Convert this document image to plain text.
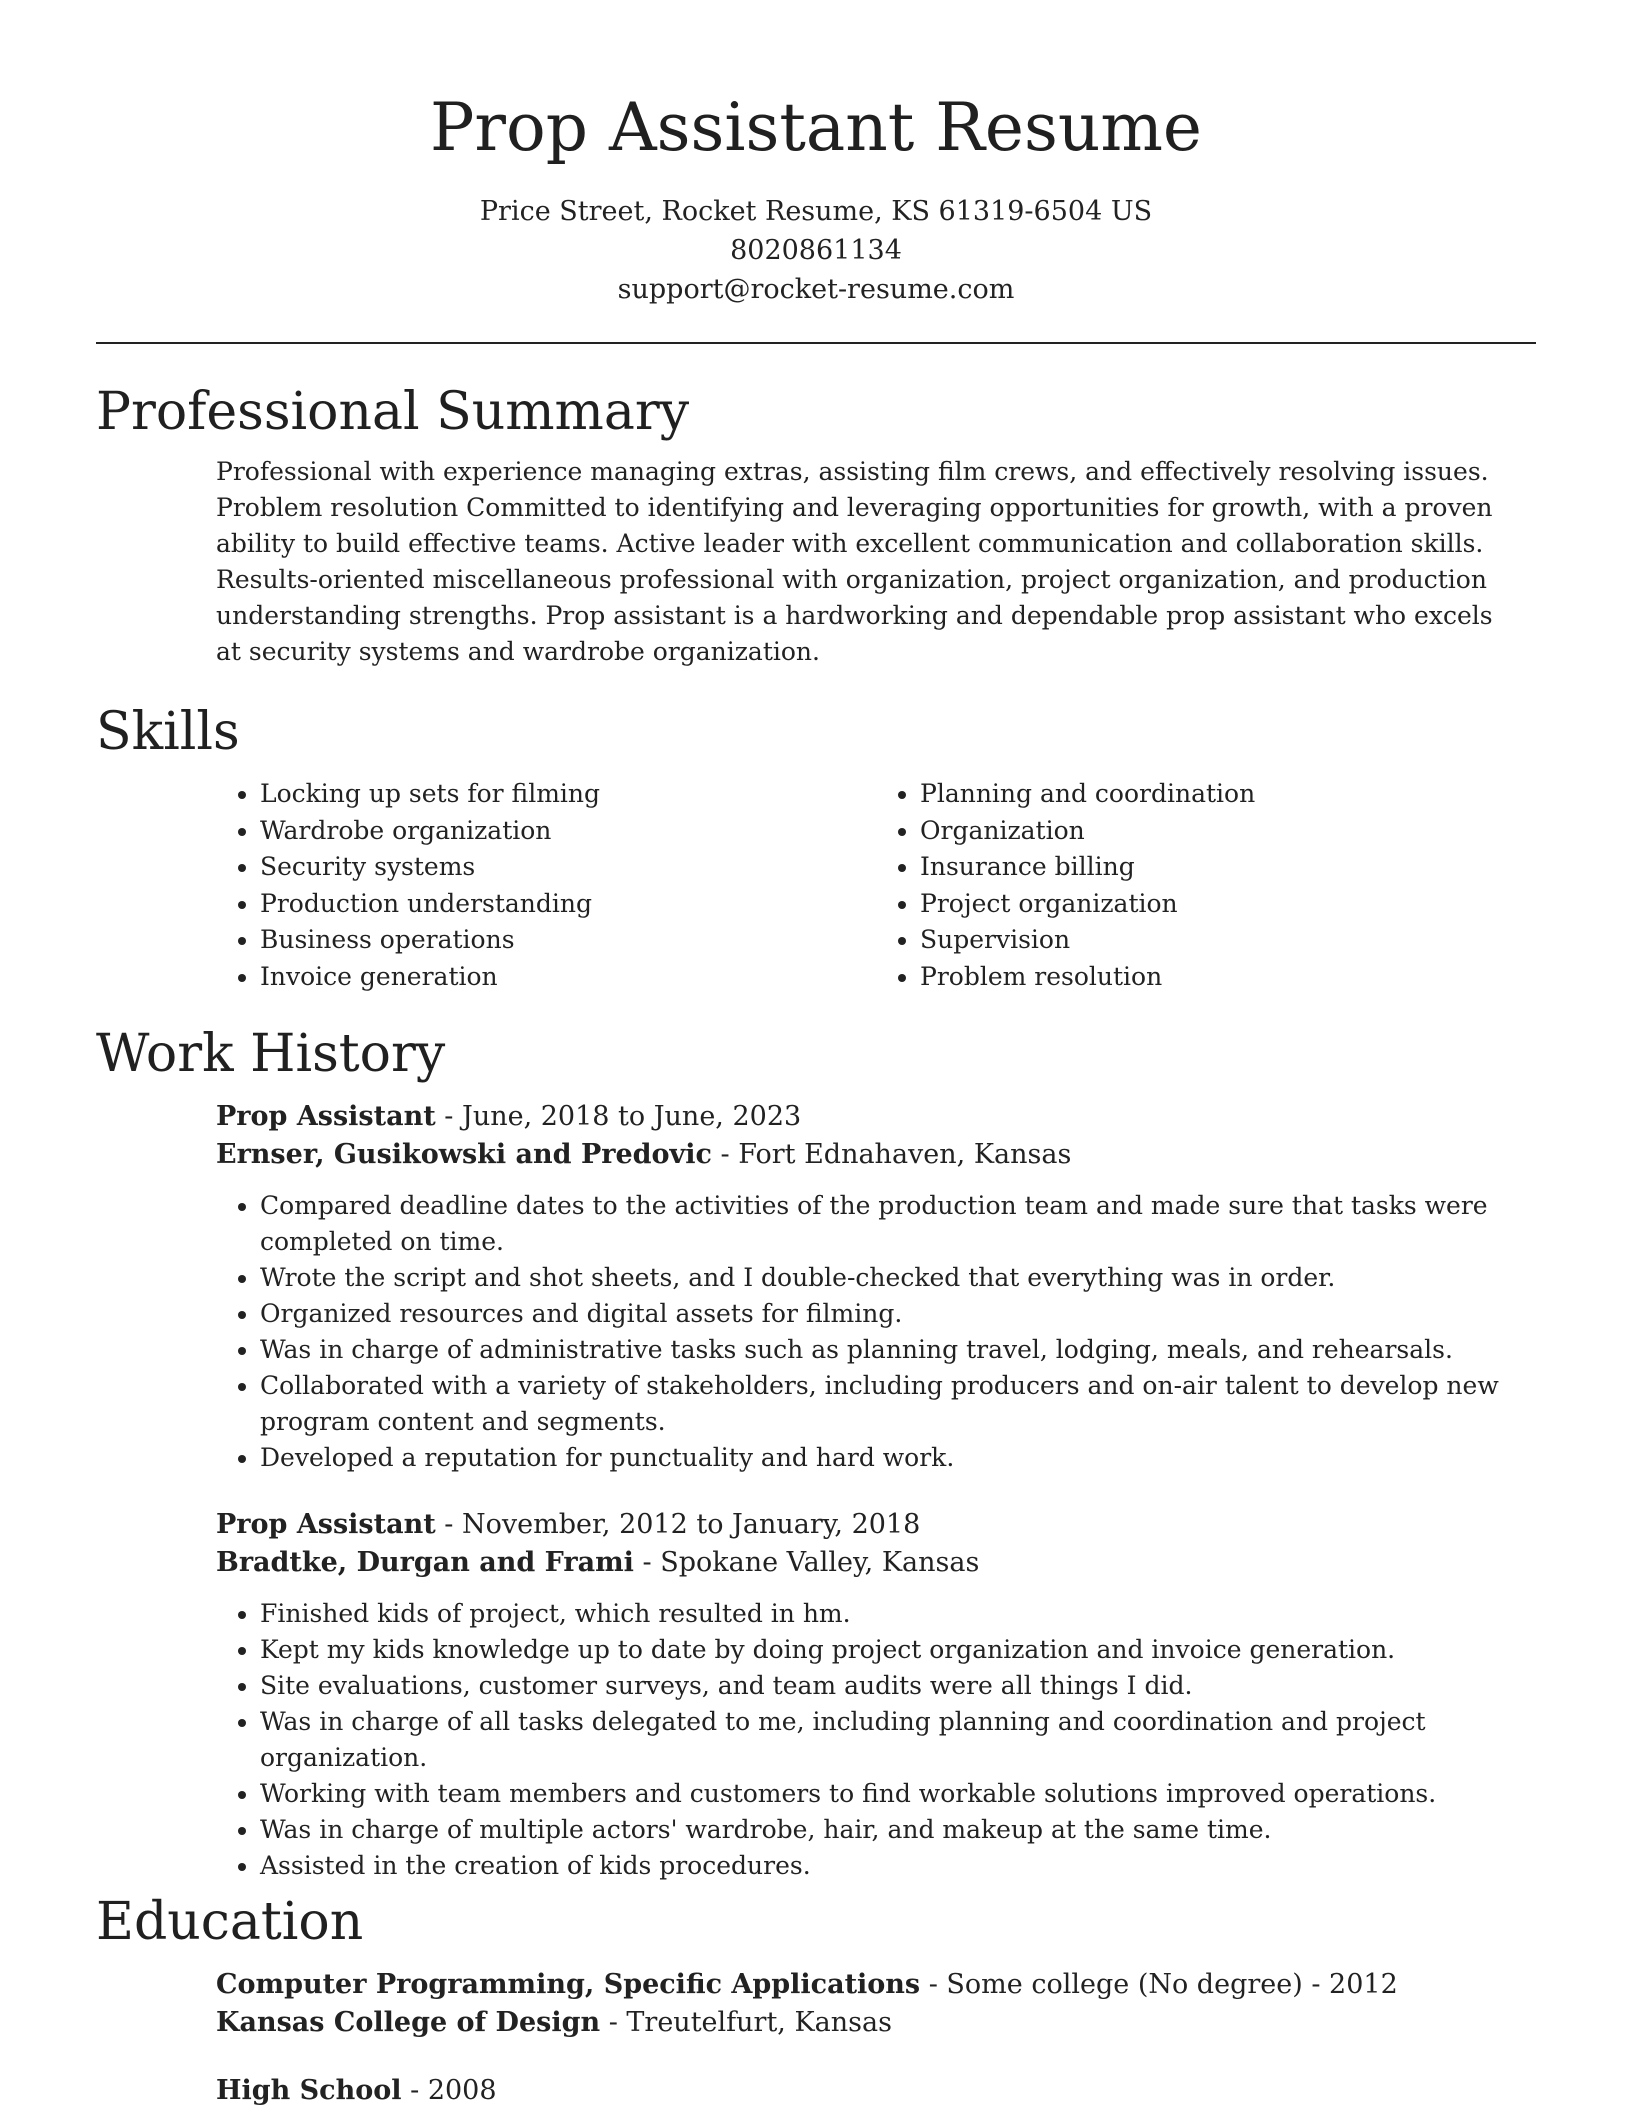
Prop Assistant Resume
Price Street, Rocket Resume, KS 61319-6504 US
8020861134
support@rocket-resume.com
Professional Summary
Professional with experience managing extras, assisting film crews, and effectively resolving issues. Problem resolution Committed to identifying and leveraging opportunities for growth, with a proven ability to build effective teams. Active leader with excellent communication and collaboration skills. Results-oriented miscellaneous professional with organization, project organization, and production understanding strengths. Prop assistant is a hardworking and dependable prop assistant who excels at security systems and wardrobe organization.
Skills
• Locking up sets for filming
• Wardrobe organization
• Security systems
• Production understanding
• Business operations
• Invoice generation
• Planning and coordination
• Organization
• Insurance billing
• Project organization
• Supervision
• Problem resolution
Work History
Prop Assistant - June, 2018 to June, 2023
Ernser, Gusikowski and Predovic - Fort Ednahaven, Kansas
• Compared deadline dates to the activities of the production team and made sure that tasks were completed on time.
• Wrote the script and shot sheets, and I double-checked that everything was in order.
• Organized resources and digital assets for filming.
• Was in charge of administrative tasks such as planning travel, lodging, meals, and rehearsals.
• Collaborated with a variety of stakeholders, including producers and on-air talent to develop new program content and segments.
• Developed a reputation for punctuality and hard work.
Prop Assistant - November, 2012 to January, 2018
Bradtke, Durgan and Frami - Spokane Valley, Kansas
• Finished kids of project, which resulted in hm.
• Kept my kids knowledge up to date by doing project organization and invoice generation.
• Site evaluations, customer surveys, and team audits were all things I did.
• Was in charge of all tasks delegated to me, including planning and coordination and project organization.
• Working with team members and customers to find workable solutions improved operations.
• Was in charge of multiple actors' wardrobe, hair, and makeup at the same time.
• Assisted in the creation of kids procedures.
Education
Computer Programming, Specific Applications - Some college (No degree) - 2012
Kansas College of Design - Treutelfurt, Kansas
High School - 2008
